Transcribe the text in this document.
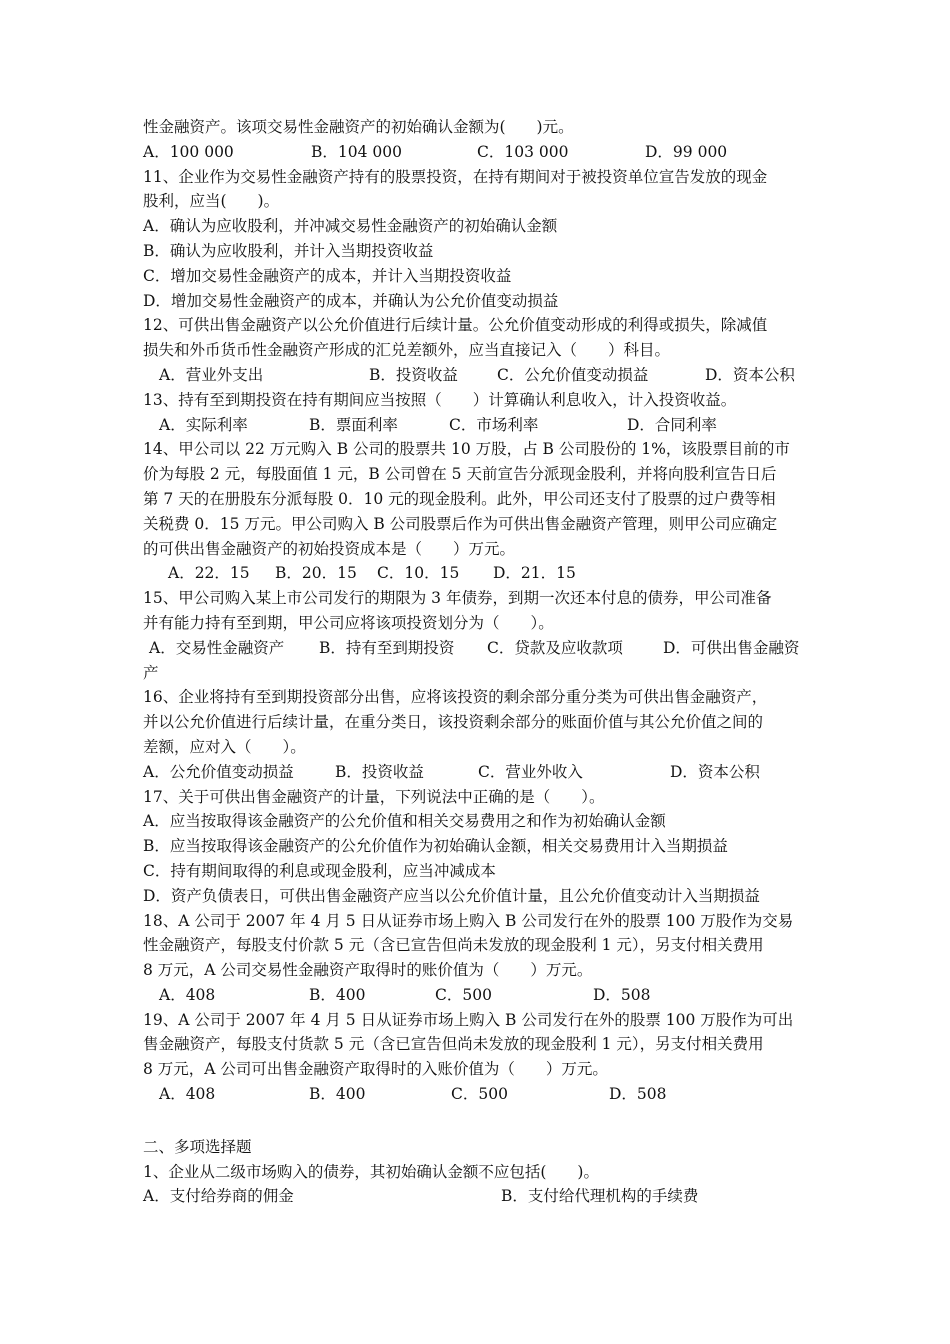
性金融资产。该项交易性金融资产的初始确认金额为(　　)元。
A．100 000	B．104 000	C．103 000	D．99 000
11、企业作为交易性金融资产持有的股票投资，在持有期间对于被投资单位宣告发放的现金
股利，应当(　　)。
A．确认为应收股利，并冲减交易性金融资产的初始确认金额
B．确认为应收股利，并计入当期投资收益
C．增加交易性金融资产的成本，并计入当期投资收益
D．增加交易性金融资产的成本，并确认为公允价值变动损益
12、可供出售金融资产以公允价值进行后续计量。公允价值变动形成的利得或损失，除减值
损失和外币货币性金融资产形成的汇兑差额外，应当直接记入（　　）科目。
A．营业外支出	B．投资收益	C．公允价值变动损益	D．资本公积
13、持有至到期投资在持有期间应当按照（　　）计算确认利息收入，计入投资收益。
A．实际利率	B．票面利率	C．市场利率	D．合同利率
14、甲公司以 22 万元购入 B 公司的股票共 10 万股，占 B 公司股份的 1%，该股票目前的市
价为每股 2 元，每股面值 1 元，B 公司曾在 5 天前宣告分派现金股利，并将向股利宣告日后
第 7 天的在册股东分派每股 0．10 元的现金股利。此外，甲公司还支付了股票的过户费等相
关税费 0．15 万元。甲公司购入 B 公司股票后作为可供出售金融资产管理，则甲公司应确定
的可供出售金融资产的初始投资成本是（　　）万元。
A．22．15	B．20．15	C．10．15	D．21．15
15、甲公司购入某上市公司发行的期限为 3 年债券，到期一次还本付息的债券，甲公司准备
并有能力持有至到期，甲公司应将该项投资划分为（　　）。
A．交易性金融资产	B．持有至到期投资	C．贷款及应收款项	D．可供出售金融资
产
16、企业将持有至到期投资部分出售，应将该投资的剩余部分重分类为可供出售金融资产，
并以公允价值进行后续计量，在重分类日，该投资剩余部分的账面价值与其公允价值之间的
差额，应对入（　　）。
A．公允价值变动损益	B．投资收益	C．营业外收入	D．资本公积
17、关于可供出售金融资产的计量，下列说法中正确的是（　　）。
A．应当按取得该金融资产的公允价值和相关交易费用之和作为初始确认金额
B．应当按取得该金融资产的公允价值作为初始确认金额，相关交易费用计入当期损益
C．持有期间取得的利息或现金股利，应当冲减成本
D．资产负债表日，可供出售金融资产应当以公允价值计量，且公允价值变动计入当期损益
18、A 公司于 2007 年 4 月 5 日从证券市场上购入 B 公司发行在外的股票 100 万股作为交易
性金融资产，每股支付价款 5 元（含已宣告但尚未发放的现金股利 1 元），另支付相关费用
8 万元，A 公司交易性金融资产取得时的账价值为（　　）万元。
A．408	B．400	C．500	D．508
19、A 公司于 2007 年 4 月 5 日从证券市场上购入 B 公司发行在外的股票 100 万股作为可出
售金融资产，每股支付货款 5 元（含已宣告但尚未发放的现金股利 1 元），另支付相关费用
8 万元，A 公司可出售金融资产取得时的入账价值为（　　）万元。
A．408	B．400	C．500	D．508
二、多项选择题
1、企业从二级市场购入的债券，其初始确认金额不应包括(　　)。
A．支付给券商的佣金	B．支付给代理机构的手续费
